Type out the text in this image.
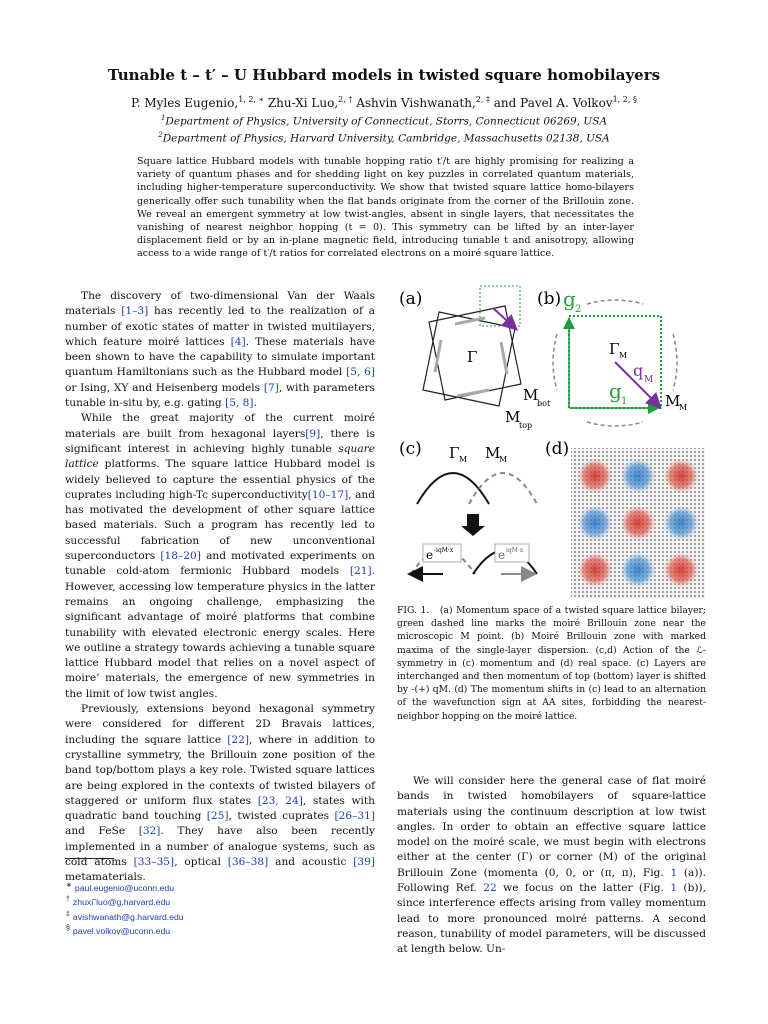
Tunable t – t′ – U Hubbard models in twisted square homobilayers
P. Myles Eugenio,$^{1, 2, ∗}$ Zhu-Xi Luo,$^{2, \dagger}$ Ashvin Vishwanath,$^{2, \ddagger}$ and Pavel A. Volkov$^{1, 2, \S}$
$^1$Department of Physics, University of Connecticut, Storrs, Connecticut 06269, USA
$^2$Department of Physics, Harvard University, Cambridge, Massachusetts 02138, USA
Square lattice Hubbard models with tunable hopping ratio t′/t are highly promising for realizing a variety of quantum phases and for shedding light on key puzzles in correlated quantum materials, including higher-temperature superconductivity. We show that twisted square lattice homo-bilayers generically offer such tunability when the flat bands originate from the corner of the Brillouin zone. We reveal an emergent symmetry at low twist-angles, absent in single layers, that necessitates the vanishing of nearest neighbor hopping (t = 0). This symmetry can be lifted by an inter-layer displacement field or by an in-plane magnetic field, introducing tunable t and anisotropy, allowing access to a wide range of t′/t ratios for correlated electrons on a moiré square lattice.

The discovery of two-dimensional Van der Waals materials [1–3] has recently led to the realization of a number of exotic states of matter in twisted multilayers, which feature moiré lattices [4]. These materials have been shown to have the capability to simulate important quantum Hamiltonians such as the Hubbard model [5, 6] or Ising, XY and Heisenberg models [7], with parameters tunable in-situ by, e.g. gating [5, 8].

While the great majority of the current moiré materials are built from hexagonal layers[9], there is significant interest in achieving highly tunable square lattice platforms. The square lattice Hubbard model is widely believed to capture the essential physics of the cuprates including high-Tc superconductivity[10–17], and has motivated the development of other square lattice based materials. Such a program has recently led to successful fabrication of new unconventional superconductors [18–20] and motivated experiments on tunable cold-atom fermionic Hubbard models [21]. However, accessing low temperature physics in the latter remains an ongoing challenge, emphasizing the significant advantage of moiré platforms that combine tunability with elevated electronic energy scales. Here we outline a strategy towards achieving a tunable square lattice Hubbard model that relies on a novel aspect of moire’ materials, the emergence of new symmetries in the limit of low twist angles.

Previously, extensions beyond hexagonal symmetry were considered for different 2D Bravais lattices, including the square lattice [22], where in addition to crystalline symmetry, the Brillouin zone position of the band top/bottom plays a key role. Twisted square lattices are being explored in the contexts of twisted bilayers of staggered or uniform flux states [23, 24], states with quadratic band touching [25], twisted cuprates [26–31] and FeSe [32]. They have also been recently implemented in a number of analogue systems, such as cold atoms [33–35], optical [36–38] and acoustic [39] metamaterials.

∗ paul.eugenio@uconn.edu
† zhuxi˜luo@g.harvard.edu
‡ avishwanath@g.harvard.edu
§ pavel.volkov@uconn.edu
(a)
Γ
M
bot
M
top
(b) g 2
Γ M
q M
g 1	M
M
(c) Γ M M
M
e -iqM·x	e iqM·x
(d)
FIG. 1. (a) Momentum space of a twisted square lattice bilayer; green dashed line marks the moiré Brillouin zone near the microscopic M point. (b) Moiré Brillouin zone with marked maxima of the single-layer dispersion. (c,d) Action of the ℒ-symmetry in (c) momentum and (d) real space. (c) Layers are interchanged and then momentum of top (bottom) layer is shifted by -(+) qM. (d) The momentum shifts in (c) lead to an alternation of the wavefunction sign at AA sites, forbidding the nearest-neighbor hopping on the moiré lattice.

We will consider here the general case of flat moiré bands in twisted homobilayers of square-lattice materials using the continuum description at low twist angles. In order to obtain an effective square lattice model on the moiré scale, we must begin with electrons either at the center (Γ) or corner (M) of the original Brillouin Zone (momenta (0, 0, or (π, π), Fig. 1 (a)). Following Ref. 22 we focus on the latter (Fig. 1 (b)), since interference effects arising from valley momentum lead to more pronounced moiré patterns. A second reason, tunability of model parameters, will be discussed at length below. Un-
